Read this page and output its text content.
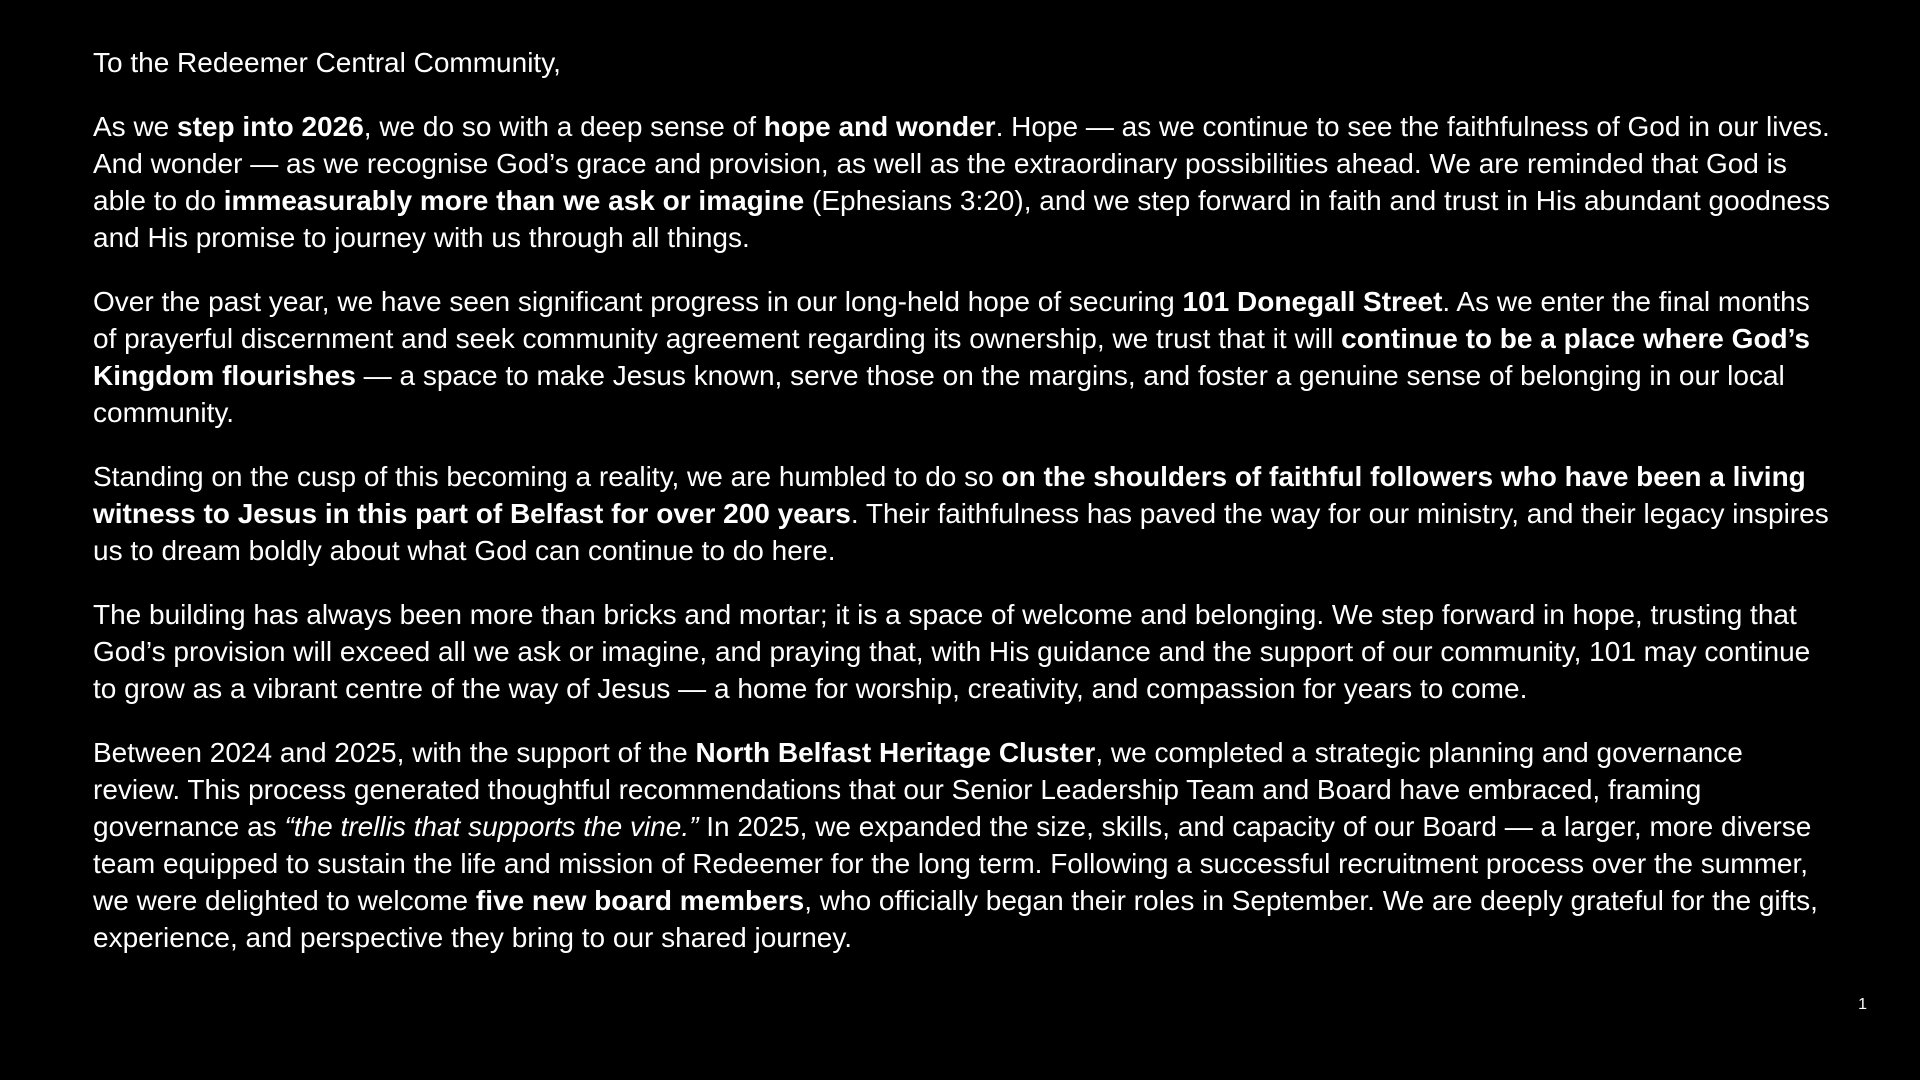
To the Redeemer Central Community,

As we step into 2026, we do so with a deep sense of hope and wonder. Hope — as we continue to see the faithfulness of God in our lives. And wonder — as we recognise God’s grace and provision, as well as the extraordinary possibilities ahead. We are reminded that God is able to do immeasurably more than we ask or imagine (Ephesians 3:20), and we step forward in faith and trust in His abundant goodness and His promise to journey with us through all things.

Over the past year, we have seen significant progress in our long-held hope of securing 101 Donegall Street. As we enter the final months of prayerful discernment and seek community agreement regarding its ownership, we trust that it will continue to be a place where God’s Kingdom flourishes — a space to make Jesus known, serve those on the margins, and foster a genuine sense of belonging in our local community.

Standing on the cusp of this becoming a reality, we are humbled to do so on the shoulders of faithful followers who have been a living witness to Jesus in this part of Belfast for over 200 years. Their faithfulness has paved the way for our ministry, and their legacy inspires us to dream boldly about what God can continue to do here.

The building has always been more than bricks and mortar; it is a space of welcome and belonging. We step forward in hope, trusting that God’s provision will exceed all we ask or imagine, and praying that, with His guidance and the support of our community, 101 may continue to grow as a vibrant centre of the way of Jesus — a home for worship, creativity, and compassion for years to come.

Between 2024 and 2025, with the support of the North Belfast Heritage Cluster, we completed a strategic planning and governance review. This process generated thoughtful recommendations that our Senior Leadership Team and Board have embraced, framing governance as “the trellis that supports the vine.” In 2025, we expanded the size, skills, and capacity of our Board — a larger, more diverse team equipped to sustain the life and mission of Redeemer for the long term. Following a successful recruitment process over the summer, we were delighted to welcome five new board members, who officially began their roles in September. We are deeply grateful for the gifts, experience, and perspective they bring to our shared journey.

1
